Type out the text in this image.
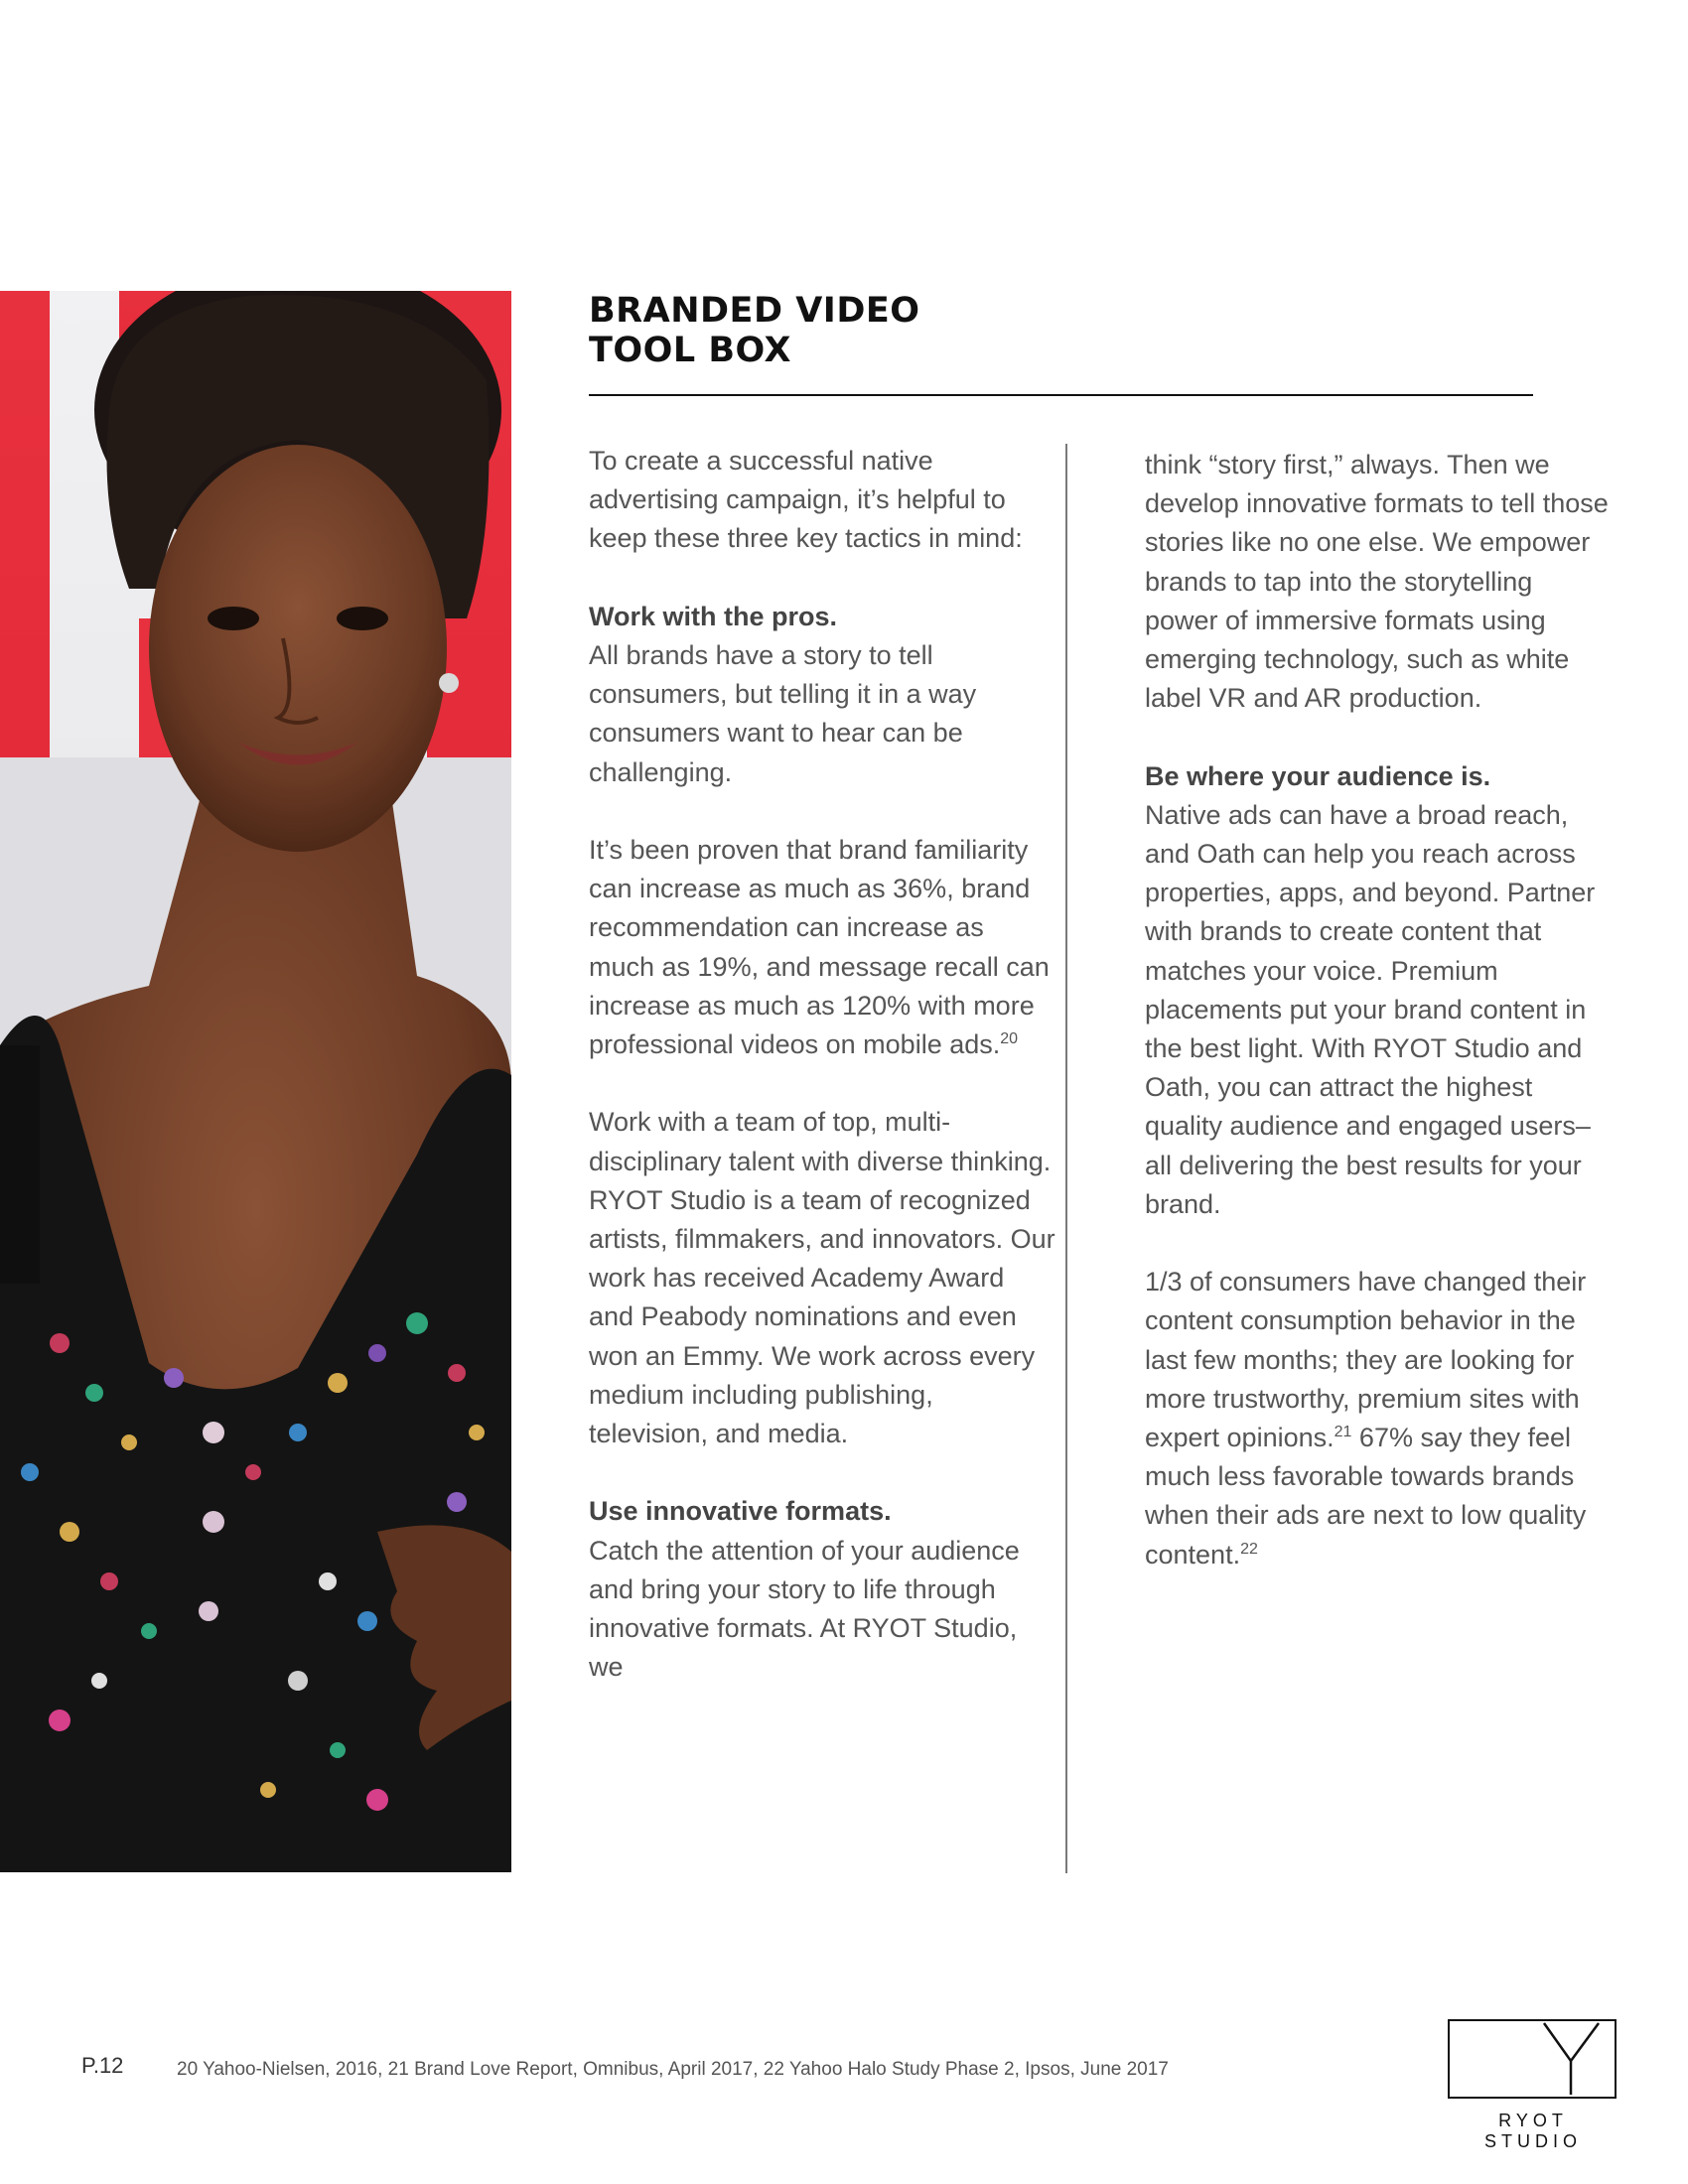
BRANDED VIDEO
TOOL BOX

To create a successful native advertising campaign, it’s helpful to keep these three key tactics in mind:

Work with the pros.
All brands have a story to tell consumers, but telling it in a way consumers want to hear can be challenging.

It’s been proven that brand familiarity can increase as much as 36%, brand recommendation can increase as much as 19%, and message recall can increase as much as 120% with more professional videos on mobile ads.$^{20}$

Work with a team of top, multi-disciplinary talent with diverse thinking. RYOT Studio is a team of recognized artists, filmmakers, and innovators. Our work has received Academy Award and Peabody nominations and even won an Emmy. We work across every medium including publishing, television, and media.

Use innovative formats.
Catch the attention of your audience and bring your story to life through innovative formats. At RYOT Studio, we

think “story first,” always. Then we develop innovative formats to tell those stories like no one else. We empower brands to tap into the storytelling power of immersive formats using emerging technology, such as white label VR and AR production.

Be where your audience is.
Native ads can have a broad reach, and Oath can help you reach across properties, apps, and beyond. Partner with brands to create content that matches your voice. Premium placements put your brand content in the best light. With RYOT Studio and Oath, you can attract the highest quality audience and engaged users–all delivering the best results for your brand.

1/3 of consumers have changed their content consumption behavior in the last few months; they are looking for more trustworthy, premium sites with expert opinions.$^{21}$ 67% say they feel much less favorable towards brands when their ads are next to low quality content.$^{22}$

P.12	20 Yahoo-Nielsen, 2016, 21 Brand Love Report, Omnibus, April 2017, 22 Yahoo Halo Study Phase 2, Ipsos, June 2017
RYOT STUDIO
